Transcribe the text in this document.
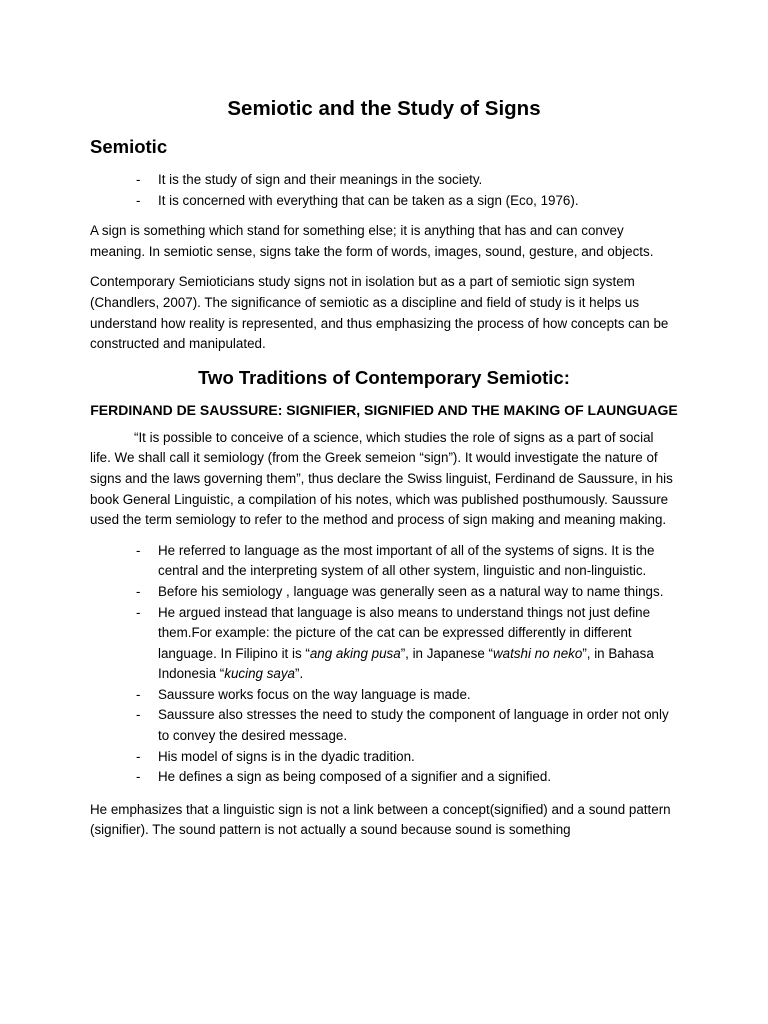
Semiotic and the Study of Signs
Semiotic
- It is the study of sign and their meanings in the society.
- It is concerned with everything that can be taken as a sign (Eco, 1976).

A sign is something which stand for something else; it is anything that has and can convey meaning. In semiotic sense, signs take the form of words, images, sound, gesture, and objects.

Contemporary Semioticians study signs not in isolation but as a part of semiotic sign system (Chandlers, 2007). The significance of semiotic as a discipline and field of study is it helps us understand how reality is represented, and thus emphasizing the process of how concepts can be constructed and manipulated.

Two Traditions of Contemporary Semiotic:
FERDINAND DE SAUSSURE: SIGNIFIER, SIGNIFIED AND THE MAKING OF LAUNGUAGE

“It is possible to conceive of a science, which studies the role of signs as a part of social life. We shall call it semiology (from the Greek semeion “sign”). It would investigate the nature of signs and the laws governing them”, thus declare the Swiss linguist, Ferdinand de Saussure, in his book General Linguistic, a compilation of his notes, which was published posthumously. Saussure used the term semiology to refer to the method and process of sign making and meaning making.

- He referred to language as the most important of all of the systems of signs. It is the central and the interpreting system of all other system, linguistic and non-linguistic.
- Before his semiology , language was generally seen as a natural way to name things.
- He argued instead that language is also means to understand things not just define them.For example: the picture of the cat can be expressed differently in different language. In Filipino it is “ang aking pusa”, in Japanese “watshi no neko”, in Bahasa Indonesia “kucing saya”.
- Saussure works focus on the way language is made.
- Saussure also stresses the need to study the component of language in order not only to convey the desired message.
- His model of signs is in the dyadic tradition.
- He defines a sign as being composed of a signifier and a signified.

He emphasizes that a linguistic sign is not a link between a concept(signified) and a sound pattern (signifier). The sound pattern is not actually a sound because sound is something
